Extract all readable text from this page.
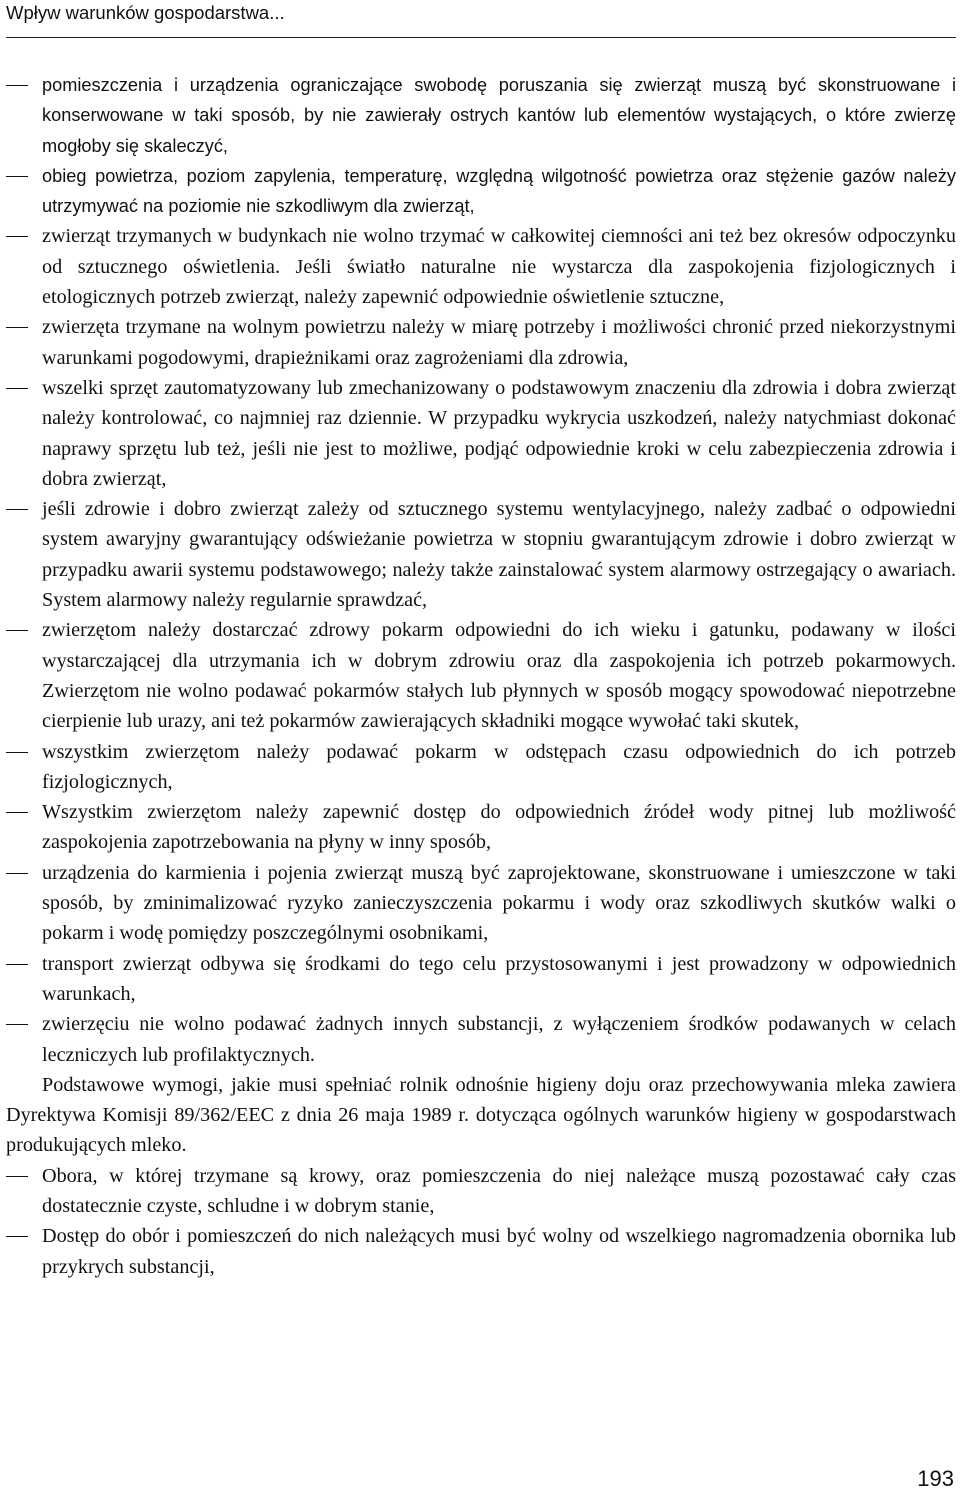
Wpływ warunków gospodarstwa...
pomieszczenia i urządzenia ograniczające swobodę poruszania się zwierząt muszą być skonstruowane i konserwowane w taki sposób, by nie zawierały ostrych kantów lub elementów wystających, o które zwierzę mogłoby się skaleczyć,
obieg powietrza, poziom zapylenia, temperaturę, względną wilgotność powietrza oraz stężenie gazów należy utrzymywać na poziomie nie szkodliwym dla zwierząt,
zwierząt trzymanych w budynkach nie wolno trzymać w całkowitej ciemności ani też bez okresów odpoczynku od sztucznego oświetlenia. Jeśli światło naturalne nie wystarcza dla zaspokojenia fizjologicznych i etologicznych potrzeb zwierząt, należy zapewnić odpowiednie oświetlenie sztuczne,
zwierzęta trzymane na wolnym powietrzu należy w miarę potrzeby i możliwości chronić przed niekorzystnymi warunkami pogodowymi, drapieżnikami oraz zagrożeniami dla zdrowia,
wszelki sprzęt zautomatyzowany lub zmechanizowany o podstawowym znaczeniu dla zdrowia i dobra zwierząt należy kontrolować, co najmniej raz dziennie. W przypadku wykrycia uszkodzeń, należy natychmiast dokonać naprawy sprzętu lub też, jeśli nie jest to możliwe, podjąć odpowiednie kroki w celu zabezpieczenia zdrowia i dobra zwierząt,
jeśli zdrowie i dobro zwierząt zależy od sztucznego systemu wentylacyjnego, należy zadbać o odpowiedni system awaryjny gwarantujący odświeżanie powietrza w stopniu gwarantującym zdrowie i dobro zwierząt w przypadku awarii systemu podstawowego; należy także zainstalować system alarmowy ostrzegający o awariach. System alarmowy należy regularnie sprawdzać,
zwierzętom należy dostarczać zdrowy pokarm odpowiedni do ich wieku i gatunku, podawany w ilości wystarczającej dla utrzymania ich w dobrym zdrowiu oraz dla zaspokojenia ich potrzeb pokarmowych. Zwierzętom nie wolno podawać pokarmów stałych lub płynnych w sposób mogący spowodować niepotrzebne cierpienie lub urazy, ani też pokarmów zawierających składniki mogące wywołać taki skutek,
wszystkim zwierzętom należy podawać pokarm w odstępach czasu odpowiednich do ich potrzeb fizjologicznych,
Wszystkim zwierzętom należy zapewnić dostęp do odpowiednich źródeł wody pitnej lub możliwość zaspokojenia zapotrzebowania na płyny w inny sposób,
urządzenia do karmienia i pojenia zwierząt muszą być zaprojektowane, skonstruowane i umieszczone w taki sposób, by zminimalizować ryzyko zanieczyszczenia pokarmu i wody oraz szkodliwych skutków walki o pokarm i wodę pomiędzy poszczególnymi osobnikami,
transport zwierząt odbywa się środkami do tego celu przystosowanymi i jest prowadzony w odpowiednich warunkach,
zwierzęciu nie wolno podawać żadnych innych substancji, z wyłączeniem środków podawanych w celach leczniczych lub profilaktycznych.

Podstawowe wymogi, jakie musi spełniać rolnik odnośnie higieny doju oraz przechowywania mleka zawiera Dyrektywa Komisji 89/362/EEC z dnia 26 maja 1989 r. dotycząca ogólnych warunków higieny w gospodarstwach produkujących mleko.

Obora, w której trzymane są krowy, oraz pomieszczenia do niej należące muszą pozostawać cały czas dostatecznie czyste, schludne i w dobrym stanie,
Dostęp do obór i pomieszczeń do nich należących musi być wolny od wszelkiego nagromadzenia obornika lub przykrych substancji,
193
